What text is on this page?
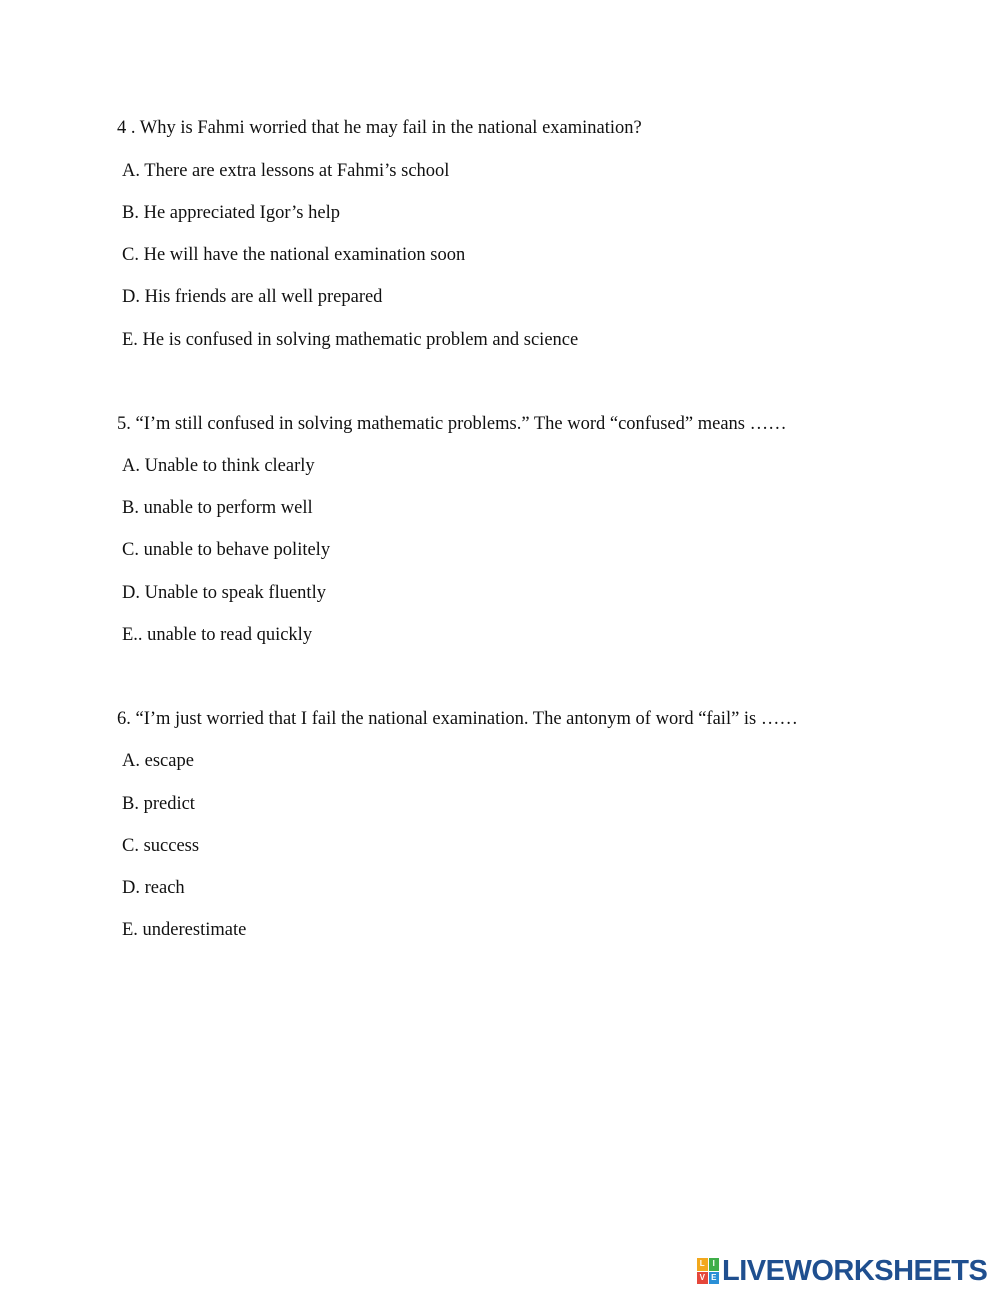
4 . Why is Fahmi worried that he may fail in the national examination?
A. There are extra lessons at Fahmi’s school
B. He appreciated Igor’s help
C. He will have the national examination soon
D. His friends are all well prepared
E. He is confused in solving mathematic problem and science
5. “I’m still confused in solving mathematic problems.” The word “confused” means ……
A. Unable to think clearly
B. unable to perform well
C. unable to behave politely
D. Unable to speak fluently
E.. unable to read quickly
6. “I’m just worried that I fail the national examination. The antonym of word “fail” is ……
A. escape
B. predict
C. success
D. reach
E. underestimate
L I
V E LIVEWORKSHEETS
